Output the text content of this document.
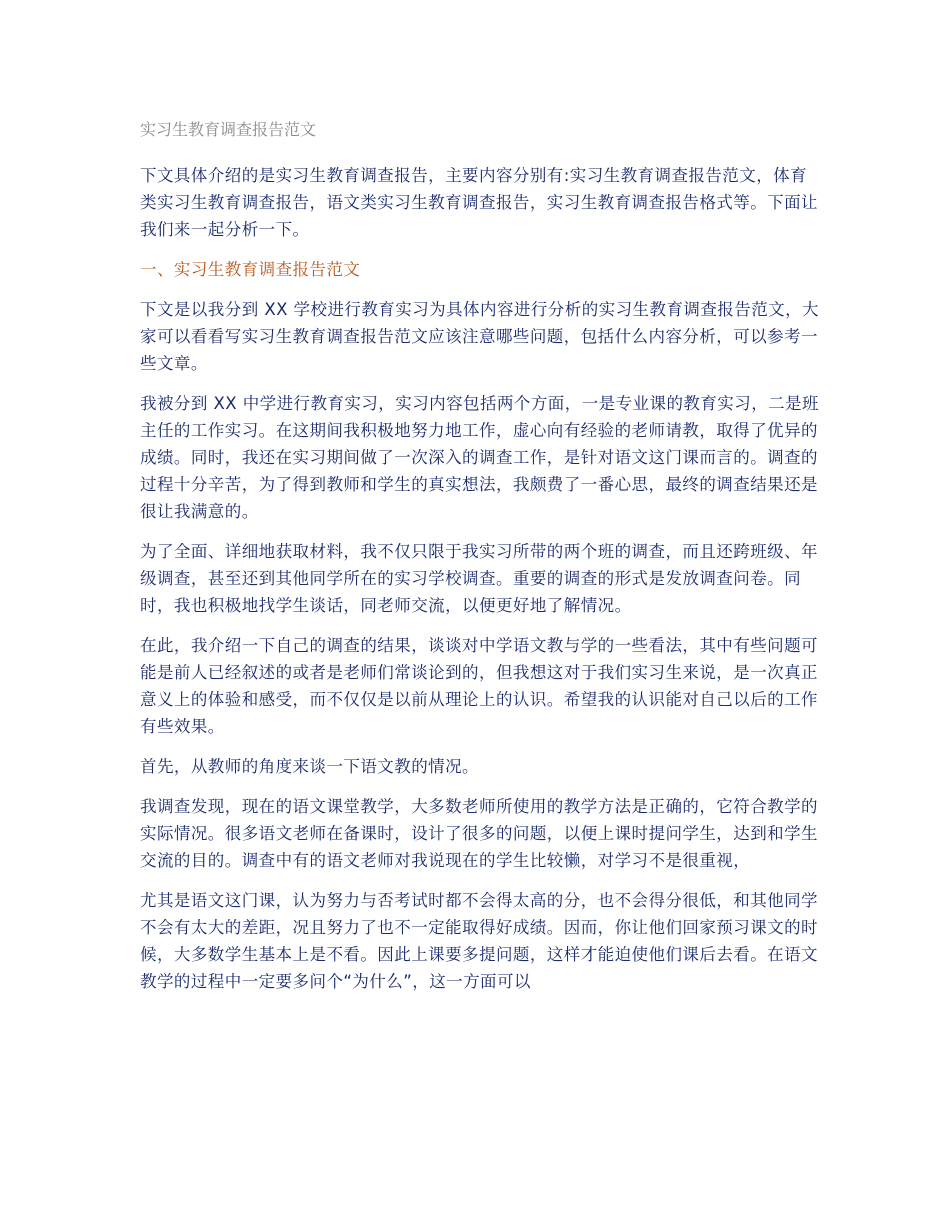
实习生教育调查报告范文

下文具体介绍的是实习生教育调查报告，主要内容分别有:实习生教育调查报告范文，体育类实习生教育调查报告，语文类实习生教育调查报告，实习生教育调查报告格式等。下面让我们来一起分析一下。

一、实习生教育调查报告范文

下文是以我分到 XX 学校进行教育实习为具体内容进行分析的实习生教育调查报告范文，大家可以看看写实习生教育调查报告范文应该注意哪些问题，包括什么内容分析，可以参考一些文章。

我被分到 XX 中学进行教育实习，实习内容包括两个方面，一是专业课的教育实习，二是班主任的工作实习。在这期间我积极地努力地工作，虚心向有经验的老师请教，取得了优异的成绩。同时，我还在实习期间做了一次深入的调查工作，是针对语文这门课而言的。调查的过程十分辛苦，为了得到教师和学生的真实想法，我颇费了一番心思，最终的调查结果还是很让我满意的。

为了全面、详细地获取材料，我不仅只限于我实习所带的两个班的调查，而且还跨班级、年级调查，甚至还到其他同学所在的实习学校调查。重要的调查的形式是发放调查问卷。同时，我也积极地找学生谈话，同老师交流，以便更好地了解情况。

在此，我介绍一下自己的调查的结果，谈谈对中学语文教与学的一些看法，其中有些问题可能是前人已经叙述的或者是老师们常谈论到的，但我想这对于我们实习生来说，是一次真正意义上的体验和感受，而不仅仅是以前从理论上的认识。希望我的认识能对自己以后的工作有些效果。

首先，从教师的角度来谈一下语文教的情况。

我调查发现，现在的语文课堂教学，大多数老师所使用的教学方法是正确的，它符合教学的实际情况。很多语文老师在备课时，设计了很多的问题，以便上课时提问学生，达到和学生交流的目的。调查中有的语文老师对我说现在的学生比较懒，对学习不是很重视，

尤其是语文这门课，认为努力与否考试时都不会得太高的分，也不会得分很低，和其他同学不会有太大的差距，况且努力了也不一定能取得好成绩。因而，你让他们回家预习课文的时候，大多数学生基本上是不看。因此上课要多提问题，这样才能迫使他们课后去看。在语文教学的过程中一定要多问个“为什么”，这一方面可以
